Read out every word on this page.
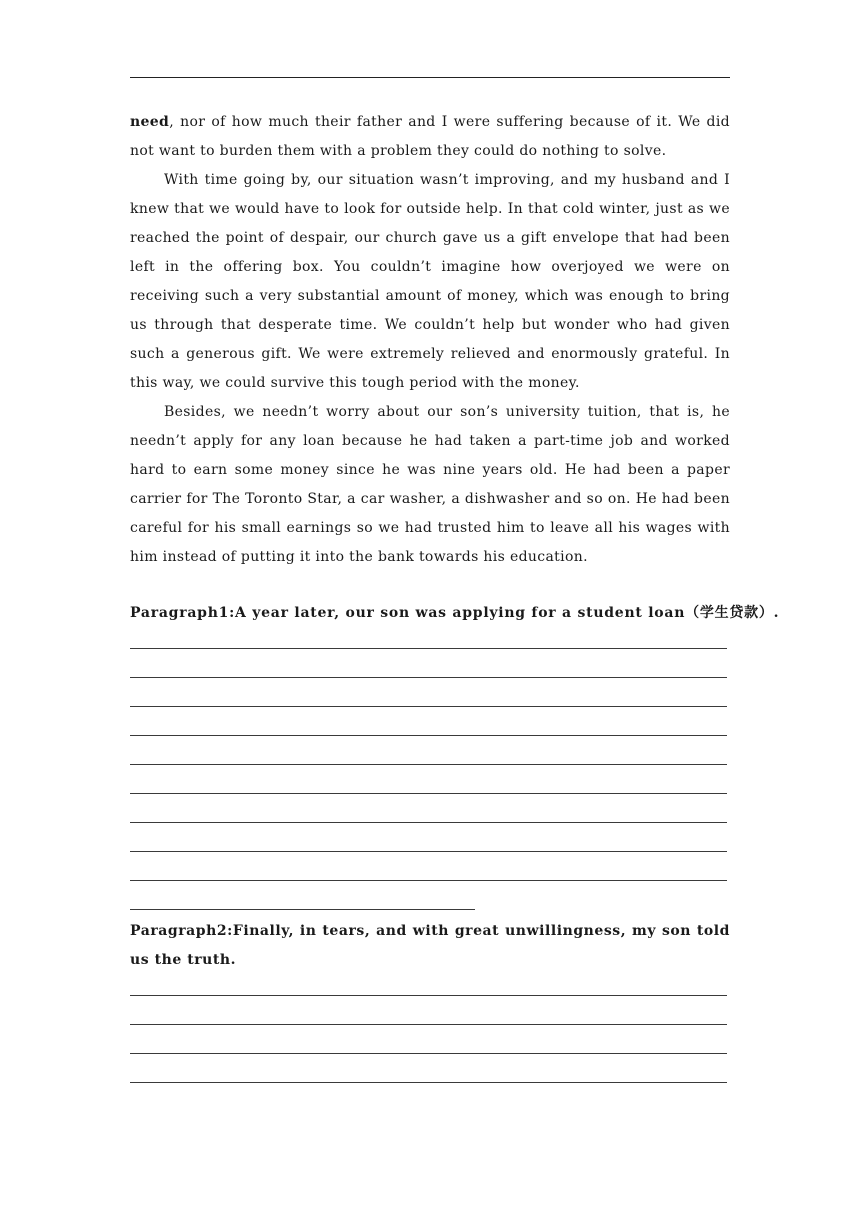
need, nor of how much their father and I were suffering because of it. We did not want to burden them with a problem they could do nothing to solve.

With time going by, our situation wasn’t improving, and my husband and I knew that we would have to look for outside help. In that cold winter, just as we reached the point of despair, our church gave us a gift envelope that had been left in the offering box. You couldn’t imagine how overjoyed we were on receiving such a very substantial amount of money, which was enough to bring us through that desperate time. We couldn’t help but wonder who had given such a generous gift. We were extremely relieved and enormously grateful. In this way, we could survive this tough period with the money.

Besides, we needn’t worry about our son’s university tuition, that is, he needn’t apply for any loan because he had taken a part-time job and worked hard to earn some money since he was nine years old. He had been a paper carrier for The Toronto Star, a car washer, a dishwasher and so on. He had been careful for his small earnings so we had trusted him to leave all his wages with him instead of putting it into the bank towards his education.

Paragraph1:A year later, our son was applying for a student loan（学生贷款）.

Paragraph2:Finally, in tears, and with great unwillingness, my son told us the truth.
